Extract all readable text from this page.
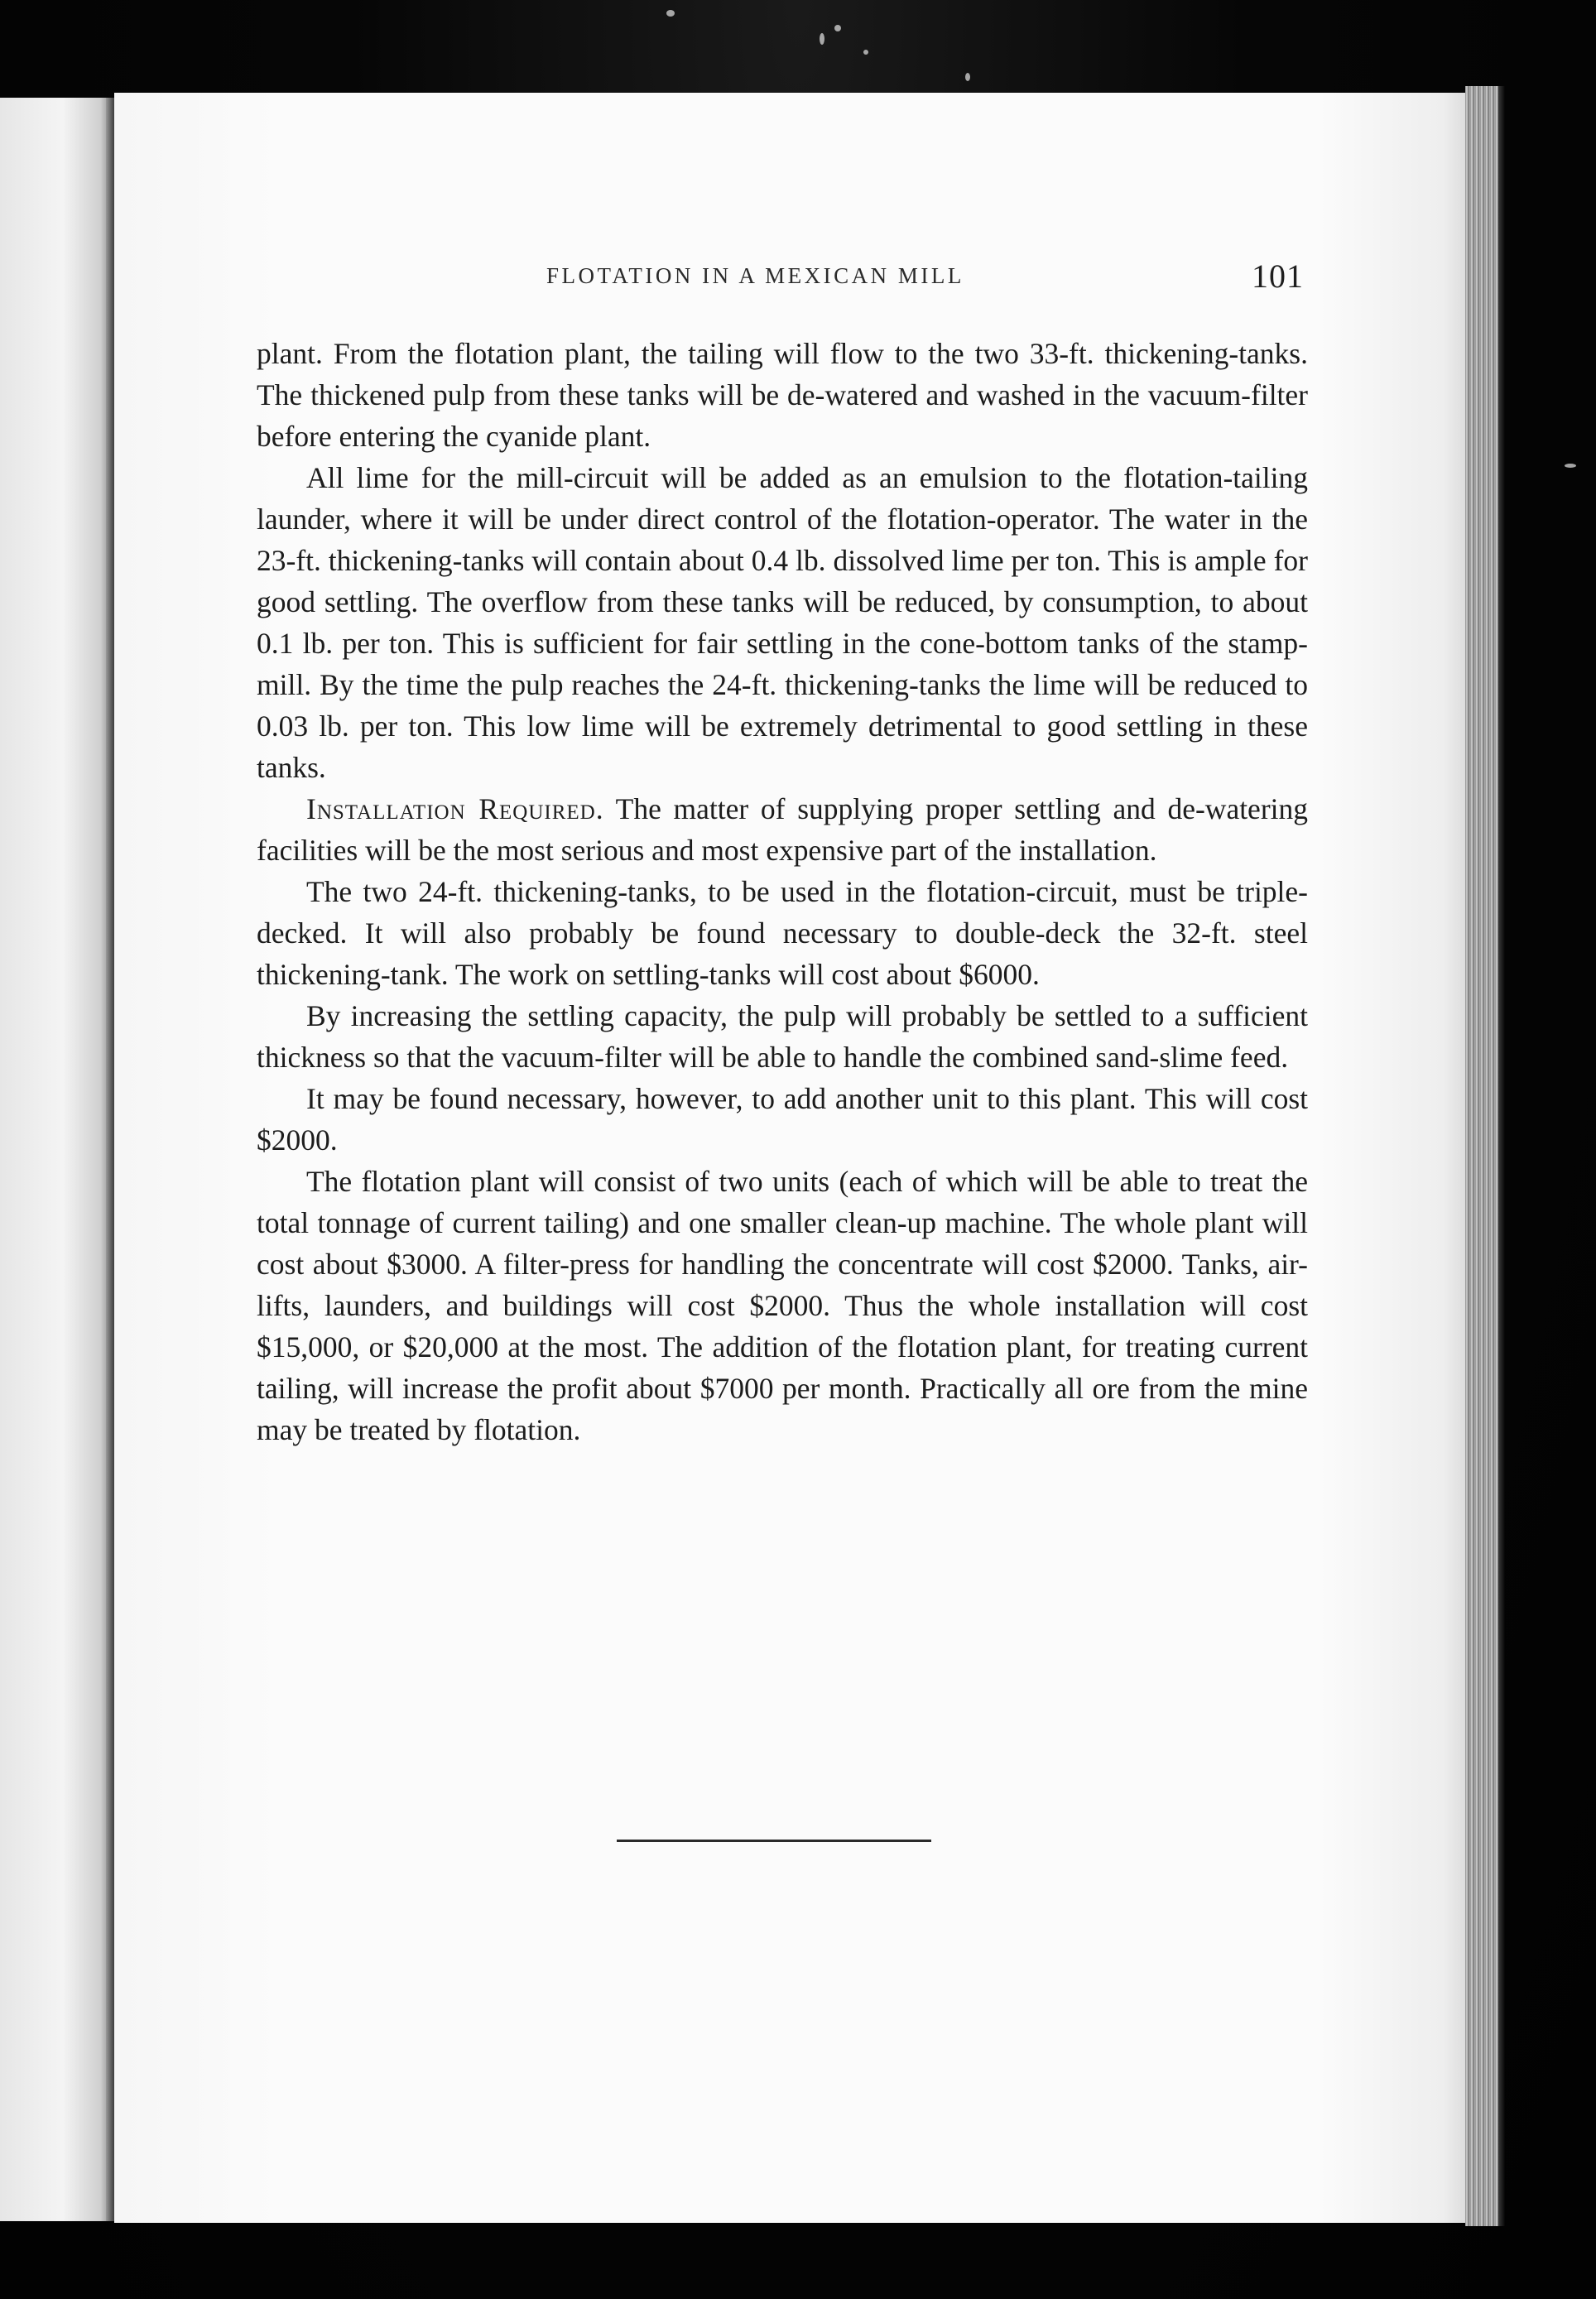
FLOTATION IN A MEXICAN MILL	101

plant. From the flotation plant, the tailing will flow to the two 33-ft. thickening-tanks. The thickened pulp from these tanks will be de-watered and washed in the vacuum-filter before entering the cyanide plant.

All lime for the mill-circuit will be added as an emulsion to the flotation-tailing launder, where it will be under direct control of the flotation-operator. The water in the 23-ft. thickening-tanks will contain about 0.4 lb. dissolved lime per ton. This is ample for good settling. The overflow from these tanks will be reduced, by consumption, to about 0.1 lb. per ton. This is sufficient for fair settling in the cone-bottom tanks of the stamp-mill. By the time the pulp reaches the 24-ft. thickening-tanks the lime will be reduced to 0.03 lb. per ton. This low lime will be extremely detrimental to good settling in these tanks.

Installation Required. The matter of supplying proper settling and de-watering facilities will be the most serious and most expensive part of the installation.

The two 24-ft. thickening-tanks, to be used in the flotation-circuit, must be triple-decked. It will also probably be found necessary to double-deck the 32-ft. steel thickening-tank. The work on settling-tanks will cost about $6000.

By increasing the settling capacity, the pulp will probably be settled to a sufficient thickness so that the vacuum-filter will be able to handle the combined sand-slime feed.

It may be found necessary, however, to add another unit to this plant. This will cost $2000.

The flotation plant will consist of two units (each of which will be able to treat the total tonnage of current tailing) and one smaller clean-up machine. The whole plant will cost about $3000. A filter-press for handling the concentrate will cost $2000. Tanks, air-lifts, launders, and buildings will cost $2000. Thus the whole installation will cost $15,000, or $20,000 at the most. The addition of the flotation plant, for treating current tailing, will increase the profit about $7000 per month. Practically all ore from the mine may be treated by flotation.
